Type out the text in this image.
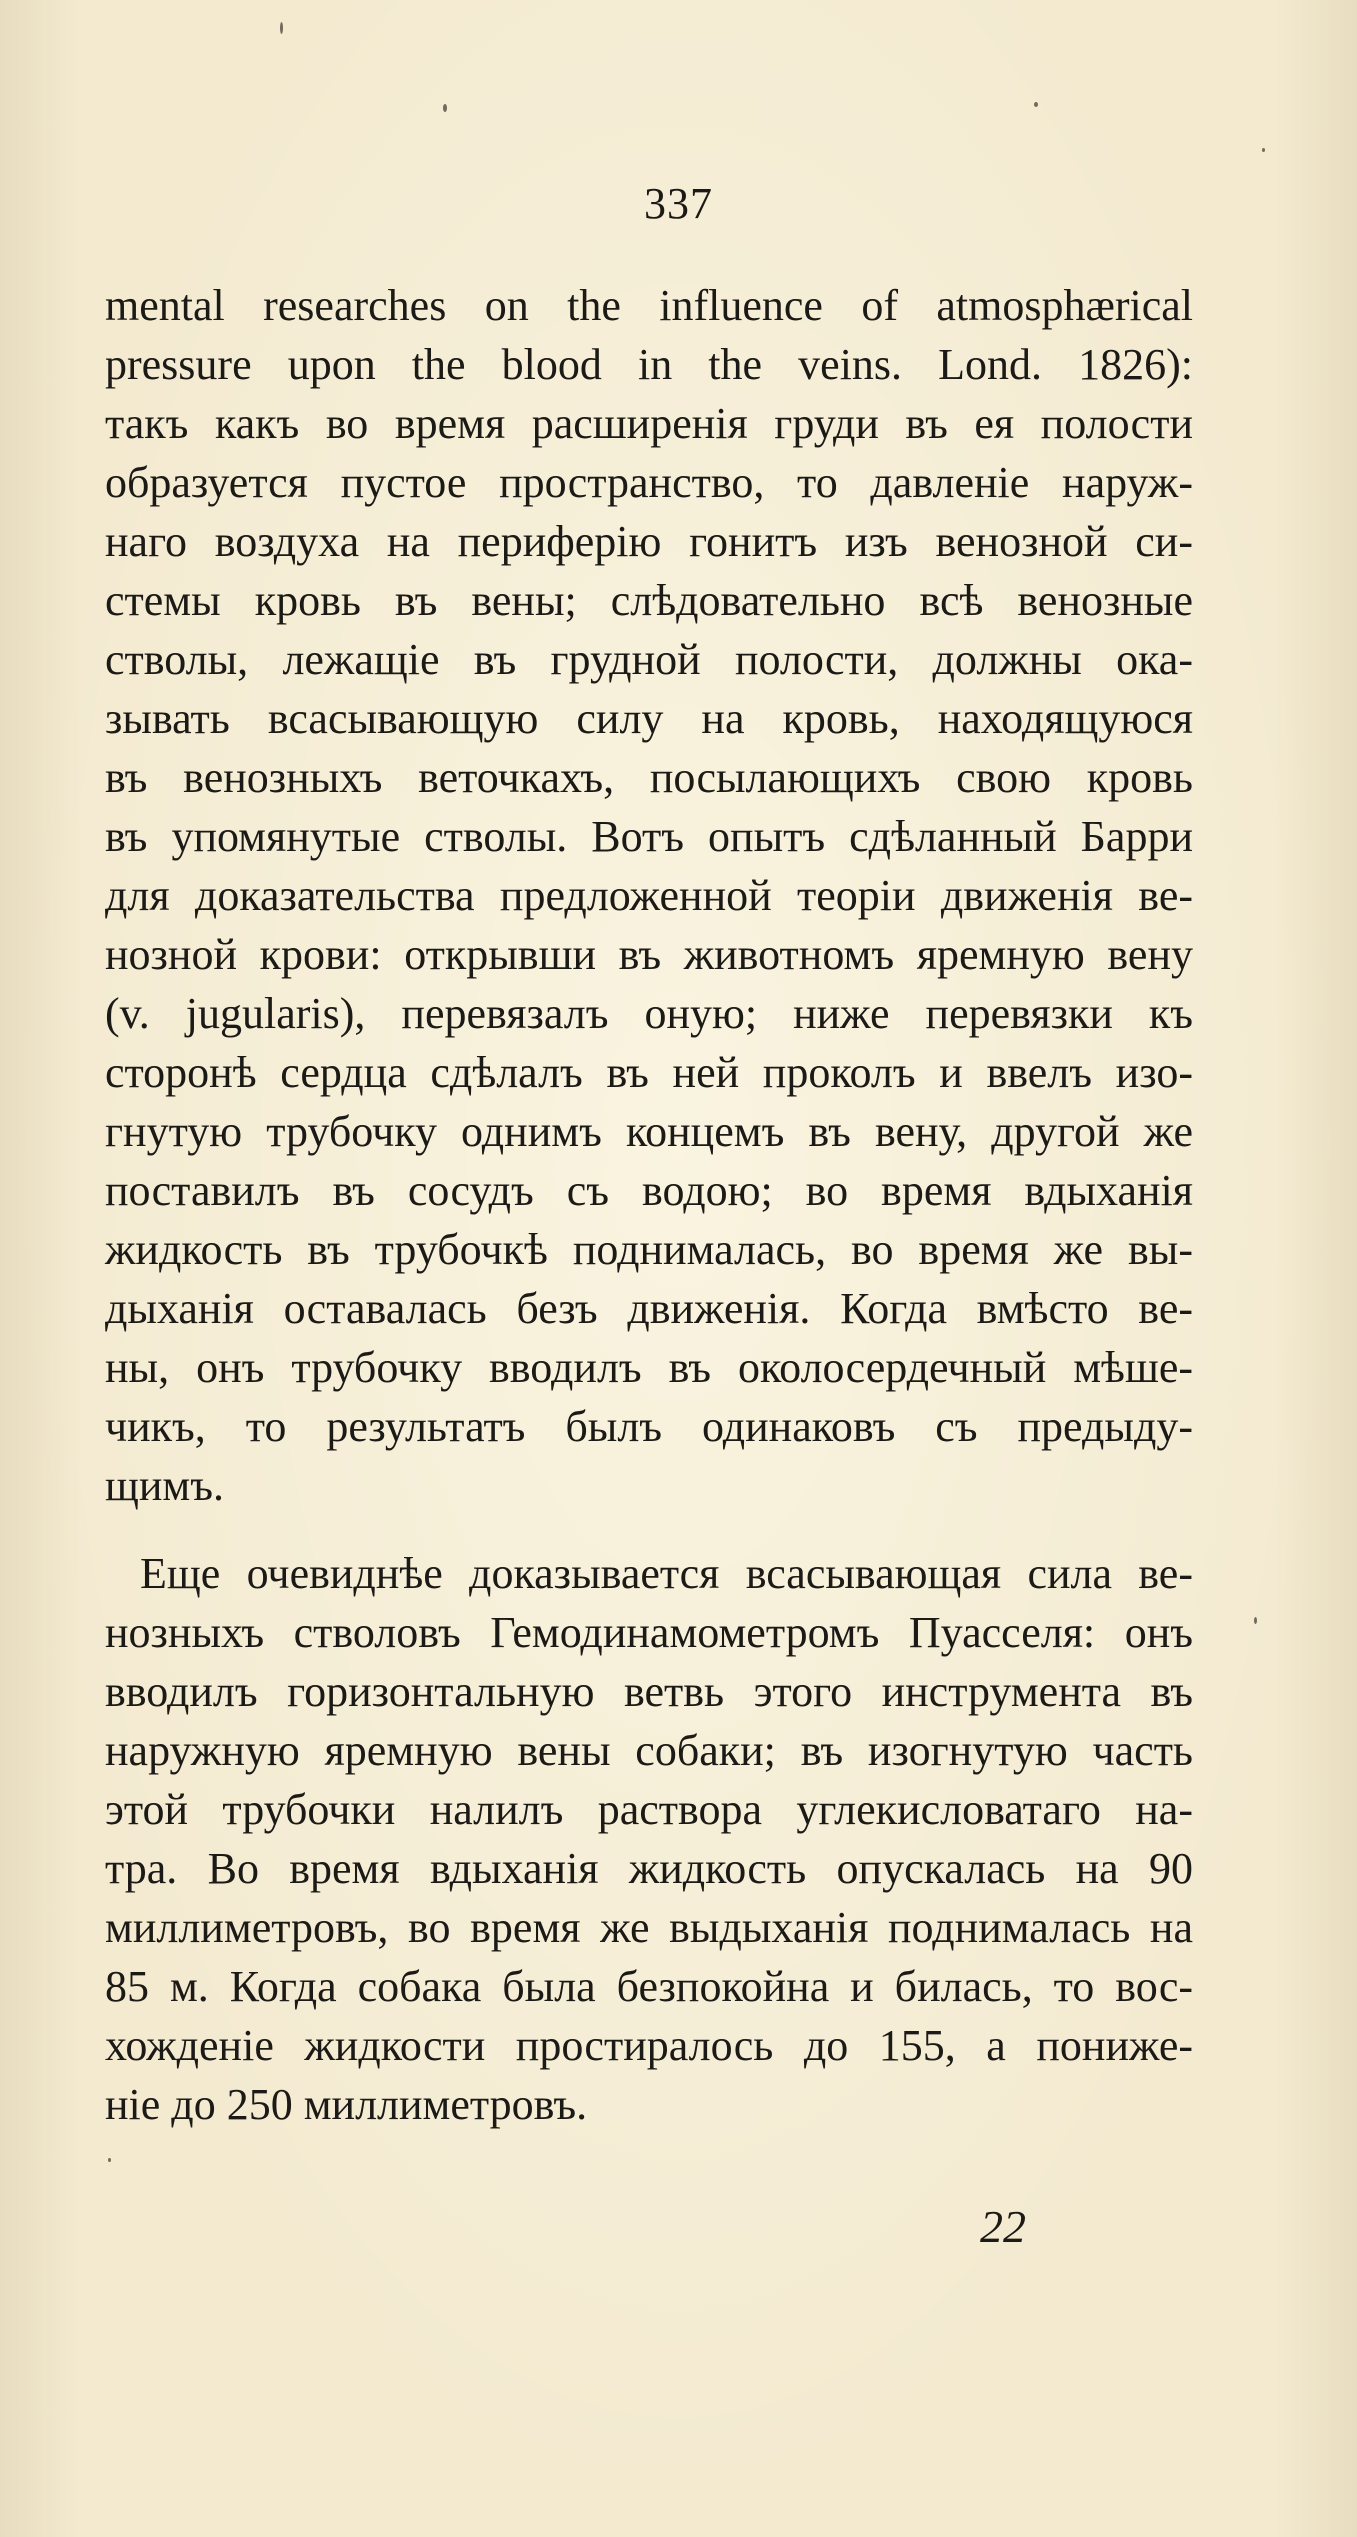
337
mental researches on the influence of atmosphærical
pressure upon the blood in the veins. Lond. 1826):
такъ какъ во время расширенія груди въ ея полости
образуется пустое пространство, то давленіе наруж-
наго воздуха на периферію гонитъ изъ венозной си-
стемы кровь въ вены; слѣдовательно всѣ венозные
стволы, лежащіе въ грудной полости, должны ока-
зывать всасывающую силу на кровь, находящуюся
въ венозныхъ веточкахъ, посылающихъ свою кровь
въ упомянутые стволы. Вотъ опытъ сдѣланный Барри
для доказательства предложенной теоріи движенія ве-
нозной крови: открывши въ животномъ яремную вену
(v. jugularis), перевязалъ оную; ниже перевязки къ
сторонѣ сердца сдѣлалъ въ ней проколъ и ввелъ изо-
гнутую трубочку однимъ концемъ въ вену, другой же
поставилъ въ сосудъ съ водою; во время вдыханія
жидкость въ трубочкѣ поднималась, во время же вы-
дыханія оставалась безъ движенія. Когда вмѣсто ве-
ны, онъ трубочку вводилъ въ околосердечный мѣше-
чикъ, то результатъ былъ одинаковъ съ предыду-
щимъ.
Еще очевиднѣе доказывается всасывающая сила ве-
нозныхъ стволовъ Гемодинамометромъ Пуасселя: онъ
вводилъ горизонтальную ветвь этого инструмента въ
наружную яремную вены собаки; въ изогнутую часть
этой трубочки налилъ раствора углекисловатаго на-
тра. Во время вдыханія жидкость опускалась на 90
миллиметровъ, во время же выдыханія поднималась на
85 м. Когда собака была безпокойна и билась, то вос-
хожденіе жидкости простиралось до 155, а пониже-
ніе до 250 миллиметровъ.
22
